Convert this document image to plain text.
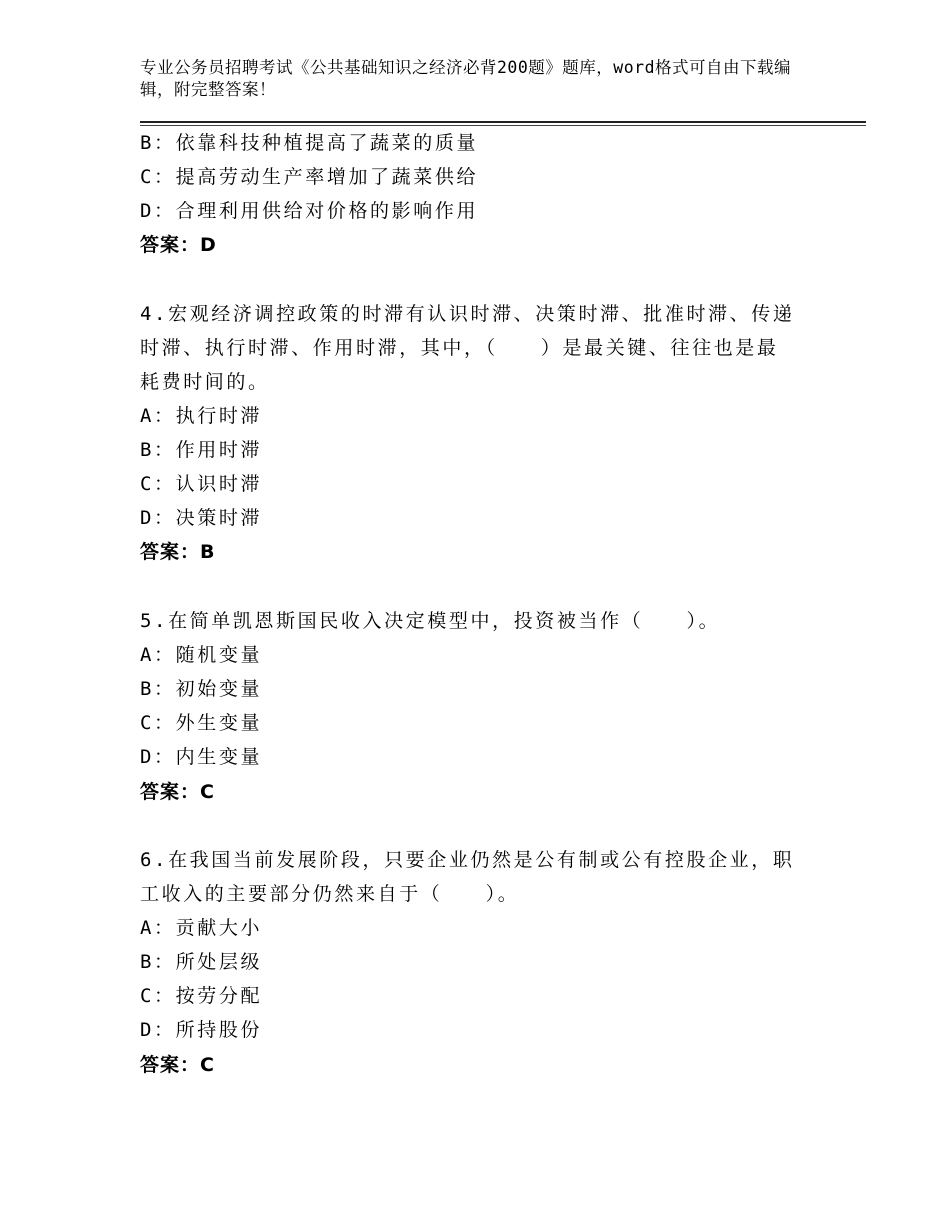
专业公务员招聘考试《公共基础知识之经济必背200题》题库，word格式可自由下载编辑，附完整答案！
B：依靠科技种植提高了蔬菜的质量
C：提高劳动生产率增加了蔬菜供给
D：合理利用供给对价格的影响作用
答案：D
4.宏观经济调控政策的时滞有认识时滞、决策时滞、批准时滞、传递
时滞、执行时滞、作用时滞，其中，（　　）是最关键、往往也是最
耗费时间的。
A：执行时滞
B：作用时滞
C：认识时滞
D：决策时滞
答案：B
5.在简单凯恩斯国民收入决定模型中，投资被当作（　　）。
A：随机变量
B：初始变量
C：外生变量
D：内生变量
答案：C
6.在我国当前发展阶段，只要企业仍然是公有制或公有控股企业，职
工收入的主要部分仍然来自于（　　）。
A：贡献大小
B：所处层级
C：按劳分配
D：所持股份
答案：C
